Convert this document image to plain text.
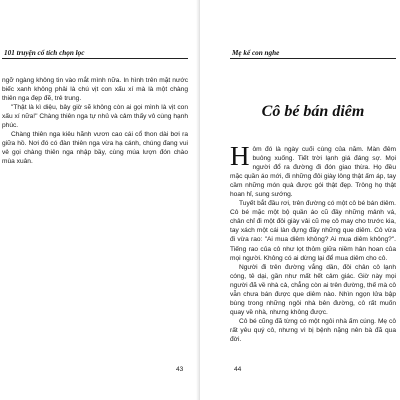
101 truyện cổ tích chọn lọc

ngỡ ngàng không tin vào mắt mình nữa. In hình trên mặt nước biếc xanh không phải là chú vịt con xấu xí mà là một chàng thiên nga đẹp đẽ, trẻ trung.

"Thật là kì diệu, bây giờ sẽ không còn ai gọi mình là vịt con xấu xí nữa!" Chàng thiên nga tự nhủ và cảm thấy vô cùng hạnh phúc.

Chàng thiên nga kiêu hãnh vươn cao cái cổ thon dài bơi ra giữa hồ. Nơi đó có đàn thiên nga vừa hạ cánh, chúng đang vui vẻ gọi chàng thiên nga nhập bầy, cùng múa lượn đón chào mùa xuân.

43
Mẹ kể con nghe
Cô bé bán diêm

Hôm đó là ngày cuối cùng của năm. Màn đêm buông xuống. Tiết trời lạnh giá đáng sợ. Mọi người đổ ra đường đi đón giao thừa. Họ đều mặc quần áo mới, đi những đôi giày lông thật ấm áp, tay cầm những món quà được gói thật đẹp. Trông họ thật hoan hỉ, sung sướng.

Tuyết bắt đầu rơi, trên đường có một cô bé bán diêm. Cô bé mặc một bộ quần áo cũ đầy những mảnh vá, chân chỉ đi một đôi giày vải cũ mẹ cô may cho trước kia, tay xách một cái làn đựng đầy những que diêm. Cô vừa đi vừa rao: "Ai mua diêm không? Ai mua diêm không?". Tiếng rao của cô như lọt thỏm giữa niềm hân hoan của mọi người. Không có ai dừng lại để mua diêm cho cô.

Người đi trên đường vắng dần, đôi chân cô lạnh cóng, tê dại, gần như mất hết cảm giác. Giờ này mọi người đã về nhà cả, chẳng còn ai trên đường, thế mà cô vẫn chưa bán được que diêm nào. Nhìn ngọn lửa bập bùng trong những ngôi nhà bên đường, cô rất muốn quay về nhà, nhưng không được.

Cô bé cũng đã từng có một ngôi nhà ấm cúng. Mẹ cô rất yêu quý cô, nhưng vì bị bệnh nặng nên bà đã qua đời.

44
